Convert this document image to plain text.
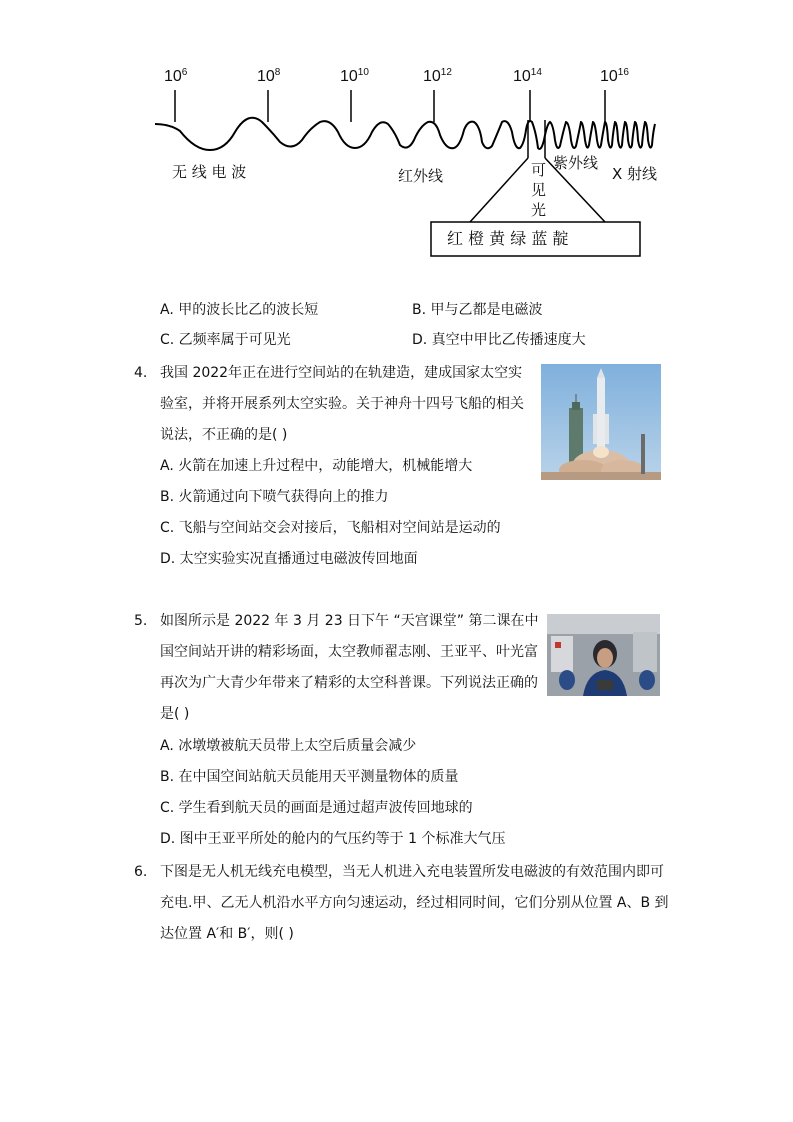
$10^6$	$10^8$	$10^{10}$	$10^{12}$	$10^{14}$	$10^{16}$
无 线 电 波	红外线	可
见
光
紫外线
X 射线
红 橙 黄 绿 蓝 靛
A. 甲的波长比乙的波长短	B. 甲与乙都是电磁波
C. 乙频率属于可见光	D. 真空中甲比乙传播速度大
4. 我国 2022年正在进行空间站的在轨建造，建成国家太空实
验室，并将开展系列太空实验。关于神舟十四号飞船的相关
说法，不正确的是( )
A. 火箭在加速上升过程中，动能增大，机械能增大
B. 火箭通过向下喷气获得向上的推力
C. 飞船与空间站交会对接后，飞船相对空间站是运动的
D. 太空实验实况直播通过电磁波传回地面
5. 如图所示是 2022 年 3 月 23 日下午 “天宫课堂” 第二课在中
国空间站开讲的精彩场面，太空教师翟志刚、王亚平、叶光富
再次为广大青少年带来了精彩的太空科普课。下列说法正确的
是( )
A. 冰墩墩被航天员带上太空后质量会减少
B. 在中国空间站航天员能用天平测量物体的质量
C. 学生看到航天员的画面是通过超声波传回地球的
D. 图中王亚平所处的舱内的气压约等于 1 个标准大气压
6. 下图是无人机无线充电模型，当无人机进入充电装置所发电磁波的有效范围内即可
充电.甲、乙无人机沿水平方向匀速运动，经过相同时间，它们分别从位置 A、B 到
达位置 A′和 B′，则( )
